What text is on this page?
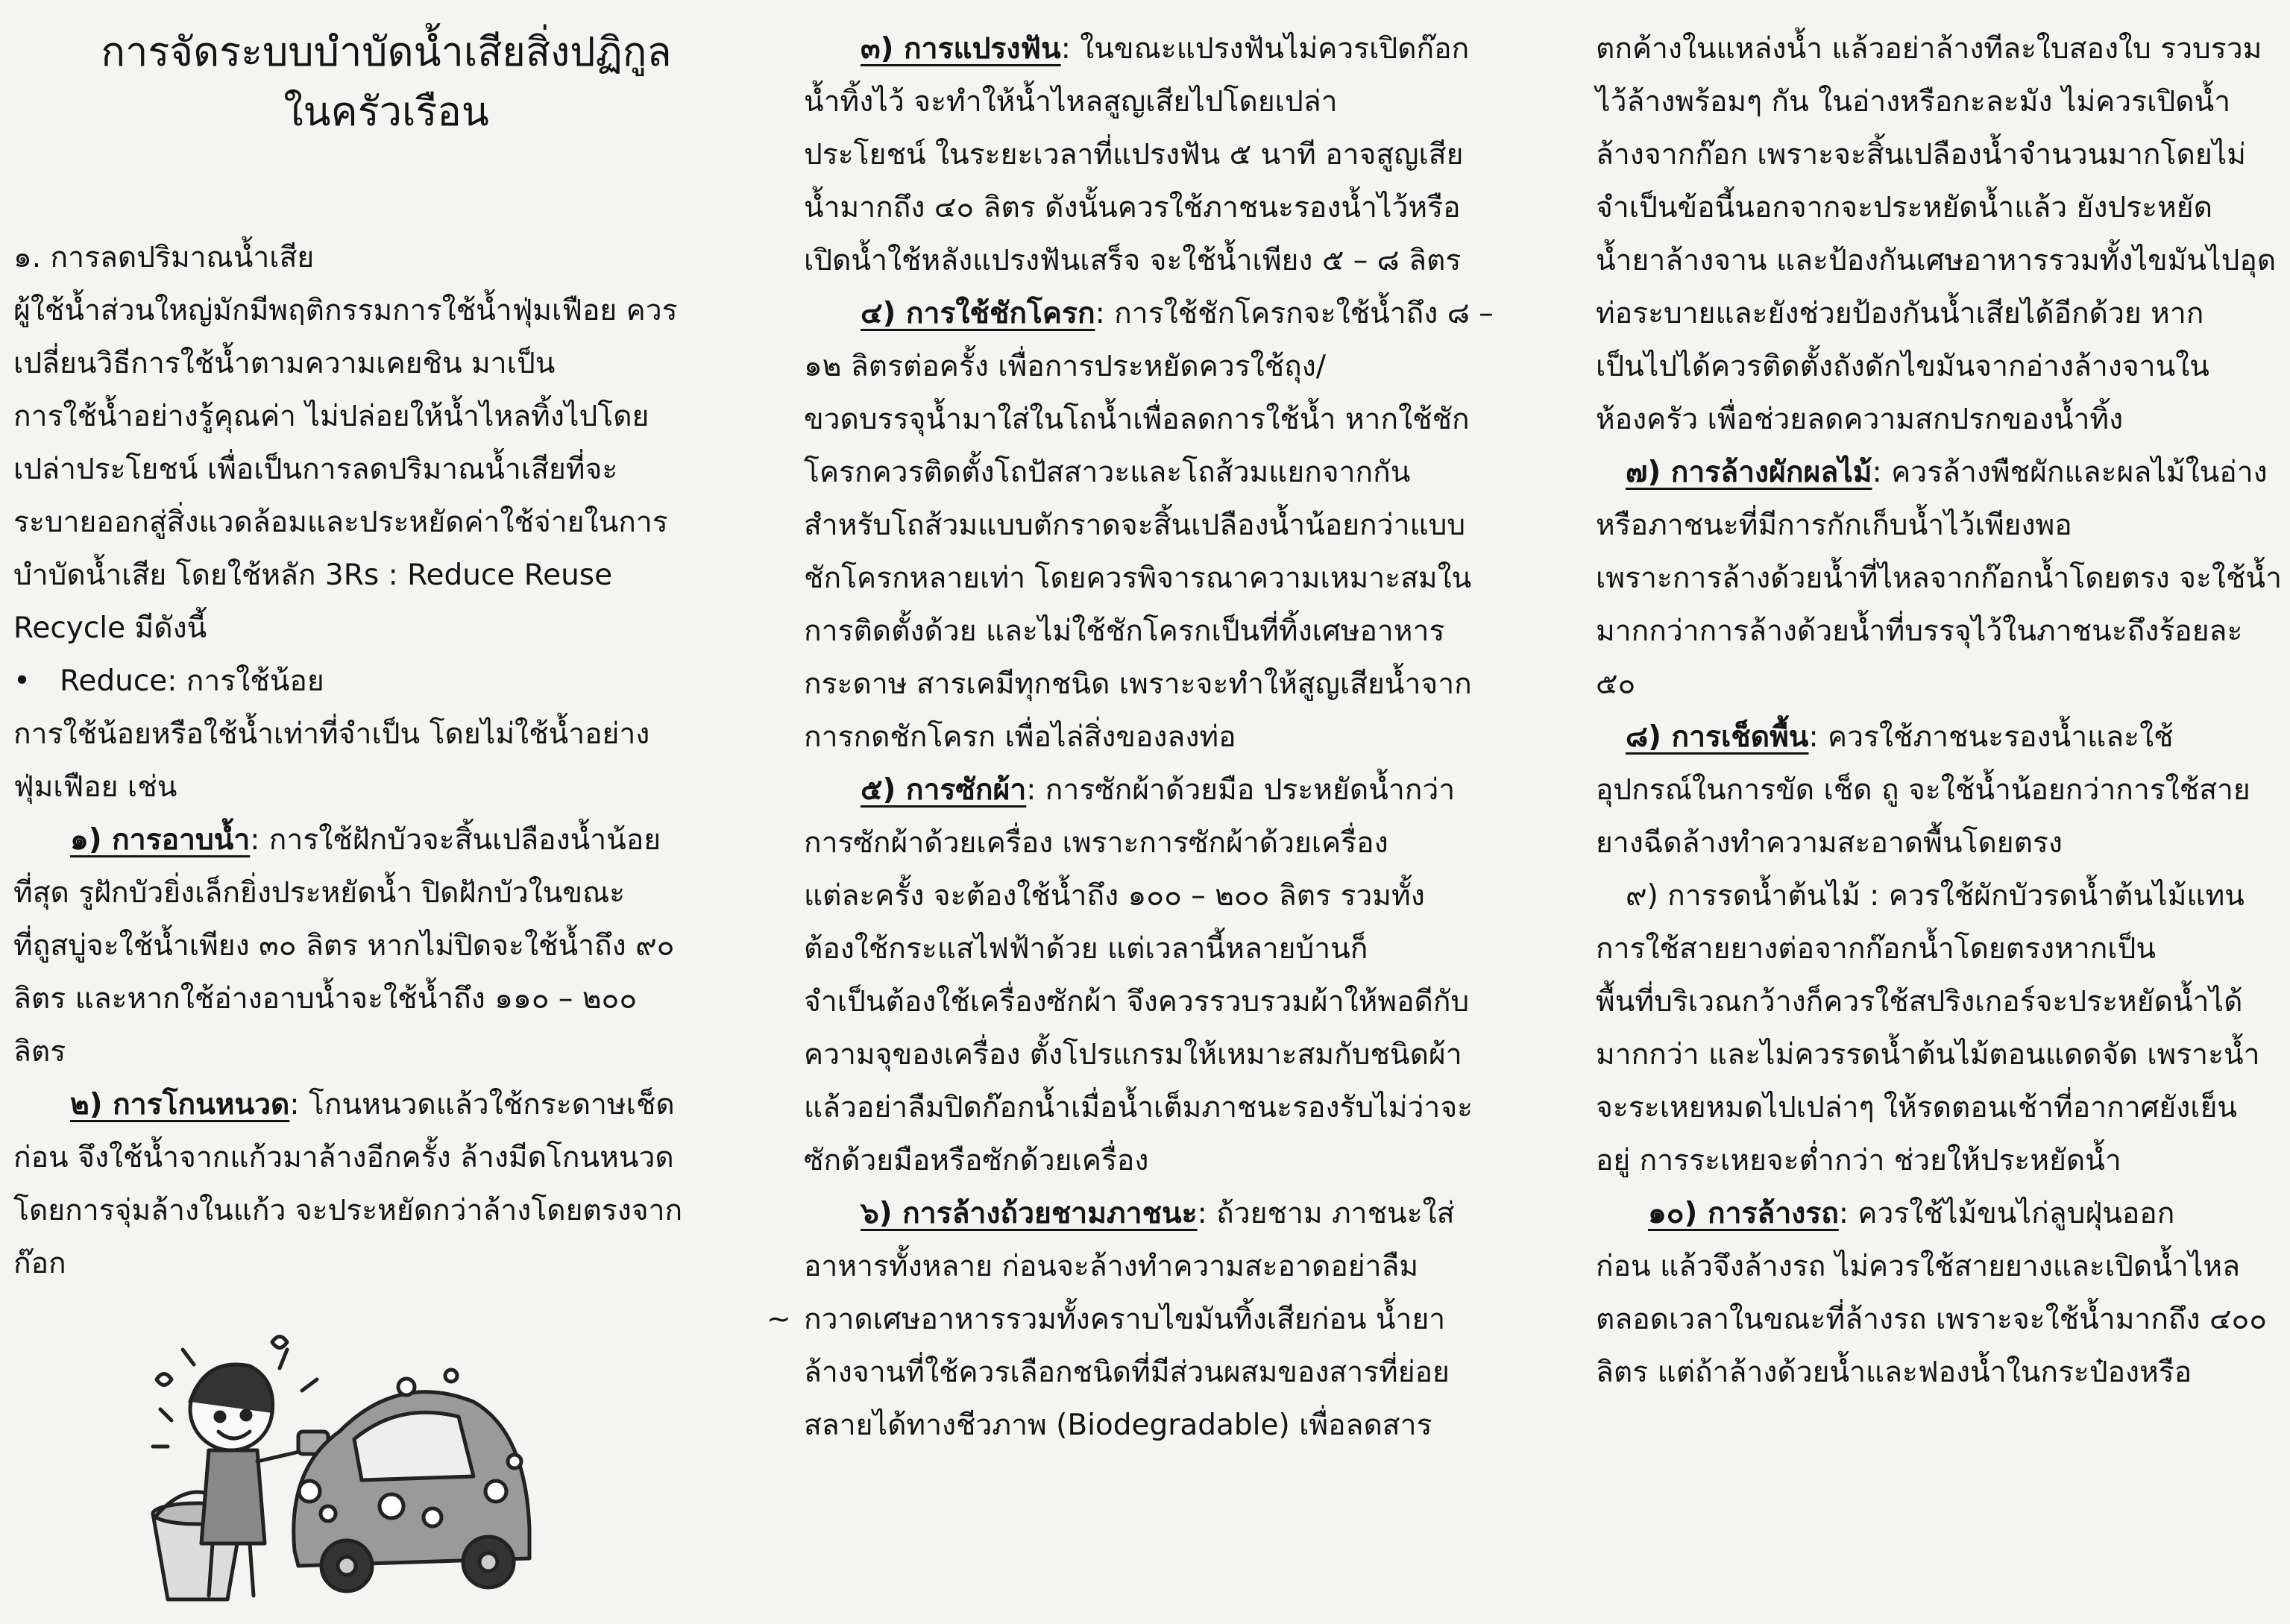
การจัดระบบบำบัดน้ำเสียสิ่งปฏิกูล

ในครัวเรือน

๑. การลดปริมาณน้ำเสีย

ผู้ใช้น้ำส่วนใหญ่มักมีพฤติกรรมการใช้น้ำฟุ่มเฟือย ควร

เปลี่ยนวิธีการใช้น้ำตามความเคยชิน มาเป็น

การใช้น้ำอย่างรู้คุณค่า ไม่ปล่อยให้น้ำไหลทิ้งไปโดย

เปล่าประโยชน์ เพื่อเป็นการลดปริมาณน้ำเสียที่จะ

ระบายออกสู่สิ่งแวดล้อมและประหยัดค่าใช้จ่ายในการ

บำบัดน้ำเสีย โดยใช้หลัก 3Rs : Reduce Reuse

Recycle มีดังนี้

• Reduce: การใช้น้อย

การใช้น้อยหรือใช้น้ำเท่าที่จำเป็น โดยไม่ใช้น้ำอย่าง

ฟุ่มเฟือย เช่น

๑) การอาบน้ำ: การใช้ฝักบัวจะสิ้นเปลืองน้ำน้อย

ที่สุด รูฝักบัวยิ่งเล็กยิ่งประหยัดน้ำ ปิดฝักบัวในขณะ

ที่ถูสบู่จะใช้น้ำเพียง ๓๐ ลิตร หากไม่ปิดจะใช้น้ำถึง ๙๐

ลิตร และหากใช้อ่างอาบน้ำจะใช้น้ำถึง ๑๑๐ – ๒๐๐

ลิตร

๒) การโกนหนวด: โกนหนวดแล้วใช้กระดาษเช็ด

ก่อน จึงใช้น้ำจากแก้วมาล้างอีกครั้ง ล้างมีดโกนหนวด

โดยการจุ่มล้างในแก้ว จะประหยัดกว่าล้างโดยตรงจาก

ก๊อก

๓) การแปรงฟัน: ในขณะแปรงฟันไม่ควรเปิดก๊อก

น้ำทิ้งไว้ จะทำให้น้ำไหลสูญเสียไปโดยเปล่า

ประโยชน์ ในระยะเวลาที่แปรงฟัน ๕ นาที อาจสูญเสีย

น้ำมากถึง ๔๐ ลิตร ดังนั้นควรใช้ภาชนะรองน้ำไว้หรือ

เปิดน้ำใช้หลังแปรงฟันเสร็จ จะใช้น้ำเพียง ๕ – ๘ ลิตร

๔) การใช้ชักโครก: การใช้ชักโครกจะใช้น้ำถึง ๘ –

๑๒ ลิตรต่อครั้ง เพื่อการประหยัดควรใช้ถุง/

ขวดบรรจุน้ำมาใส่ในโถน้ำเพื่อลดการใช้น้ำ หากใช้ชัก

โครกควรติดตั้งโถปัสสาวะและโถส้วมแยกจากกัน

สำหรับโถส้วมแบบตักราดจะสิ้นเปลืองน้ำน้อยกว่าแบบ

ชักโครกหลายเท่า โดยควรพิจารณาความเหมาะสมใน

การติดตั้งด้วย และไม่ใช้ชักโครกเป็นที่ทิ้งเศษอาหาร

กระดาษ สารเคมีทุกชนิด เพราะจะทำให้สูญเสียน้ำจาก

การกดชักโครก เพื่อไล่สิ่งของลงท่อ

๕) การซักผ้า: การซักผ้าด้วยมือ ประหยัดน้ำกว่า

การซักผ้าด้วยเครื่อง เพราะการซักผ้าด้วยเครื่อง

แต่ละครั้ง จะต้องใช้น้ำถึง ๑๐๐ – ๒๐๐ ลิตร รวมทั้ง

ต้องใช้กระแสไฟฟ้าด้วย แต่เวลานี้หลายบ้านก็

จำเป็นต้องใช้เครื่องซักผ้า จึงควรรวบรวมผ้าให้พอดีกับ

ความจุของเครื่อง ตั้งโปรแกรมให้เหมาะสมกับชนิดผ้า

แล้วอย่าลืมปิดก๊อกน้ำเมื่อน้ำเต็มภาชนะรองรับไม่ว่าจะ

ซักด้วยมือหรือซักด้วยเครื่อง

๖) การล้างถ้วยชามภาชนะ: ถ้วยชาม ภาชนะใส่

อาหารทั้งหลาย ก่อนจะล้างทำความสะอาดอย่าลืม

~ กวาดเศษอาหารรวมทั้งคราบไขมันทิ้งเสียก่อน น้ำยา

ล้างจานที่ใช้ควรเลือกชนิดที่มีส่วนผสมของสารที่ย่อย

สลายได้ทางชีวภาพ (Biodegradable) เพื่อลดสาร

ตกค้างในแหล่งน้ำ แล้วอย่าล้างทีละใบสองใบ รวบรวม

ไว้ล้างพร้อมๆ กัน ในอ่างหรือกะละมัง ไม่ควรเปิดน้ำ

ล้างจากก๊อก เพราะจะสิ้นเปลืองน้ำจำนวนมากโดยไม่

จำเป็นข้อนี้นอกจากจะประหยัดน้ำแล้ว ยังประหยัด

น้ำยาล้างจาน และป้องกันเศษอาหารรวมทั้งไขมันไปอุด

ท่อระบายและยังช่วยป้องกันน้ำเสียได้อีกด้วย หาก

เป็นไปได้ควรติดตั้งถังดักไขมันจากอ่างล้างจานใน

ห้องครัว เพื่อช่วยลดความสกปรกของน้ำทิ้ง

๗) การล้างผักผลไม้: ควรล้างพืชผักและผลไม้ในอ่าง

หรือภาชนะที่มีการกักเก็บน้ำไว้เพียงพอ

เพราะการล้างด้วยน้ำที่ไหลจากก๊อกน้ำโดยตรง จะใช้น้ำ

มากกว่าการล้างด้วยน้ำที่บรรจุไว้ในภาชนะถึงร้อยละ

๕๐

๘) การเช็ดพื้น: ควรใช้ภาชนะรองน้ำและใช้

อุปกรณ์ในการขัด เช็ด ถู จะใช้น้ำน้อยกว่าการใช้สาย

ยางฉีดล้างทำความสะอาดพื้นโดยตรง

๙) การรดน้ำต้นไม้ : ควรใช้ผักบัวรดน้ำต้นไม้แทน

การใช้สายยางต่อจากก๊อกน้ำโดยตรงหากเป็น

พื้นที่บริเวณกว้างก็ควรใช้สปริงเกอร์จะประหยัดน้ำได้

มากกว่า และไม่ควรรดน้ำต้นไม้ตอนแดดจัด เพราะน้ำ

จะระเหยหมดไปเปล่าๆ ให้รดตอนเช้าที่อากาศยังเย็น

อยู่ การระเหยจะต่ำกว่า ช่วยให้ประหยัดน้ำ

๑๐) การล้างรถ: ควรใช้ไม้ขนไก่ลูบฝุ่นออก

ก่อน แล้วจึงล้างรถ ไม่ควรใช้สายยางและเปิดน้ำไหล

ตลอดเวลาในขณะที่ล้างรถ เพราะจะใช้น้ำมากถึง ๔๐๐

ลิตร แต่ถ้าล้างด้วยน้ำและฟองน้ำในกระป๋องหรือ
